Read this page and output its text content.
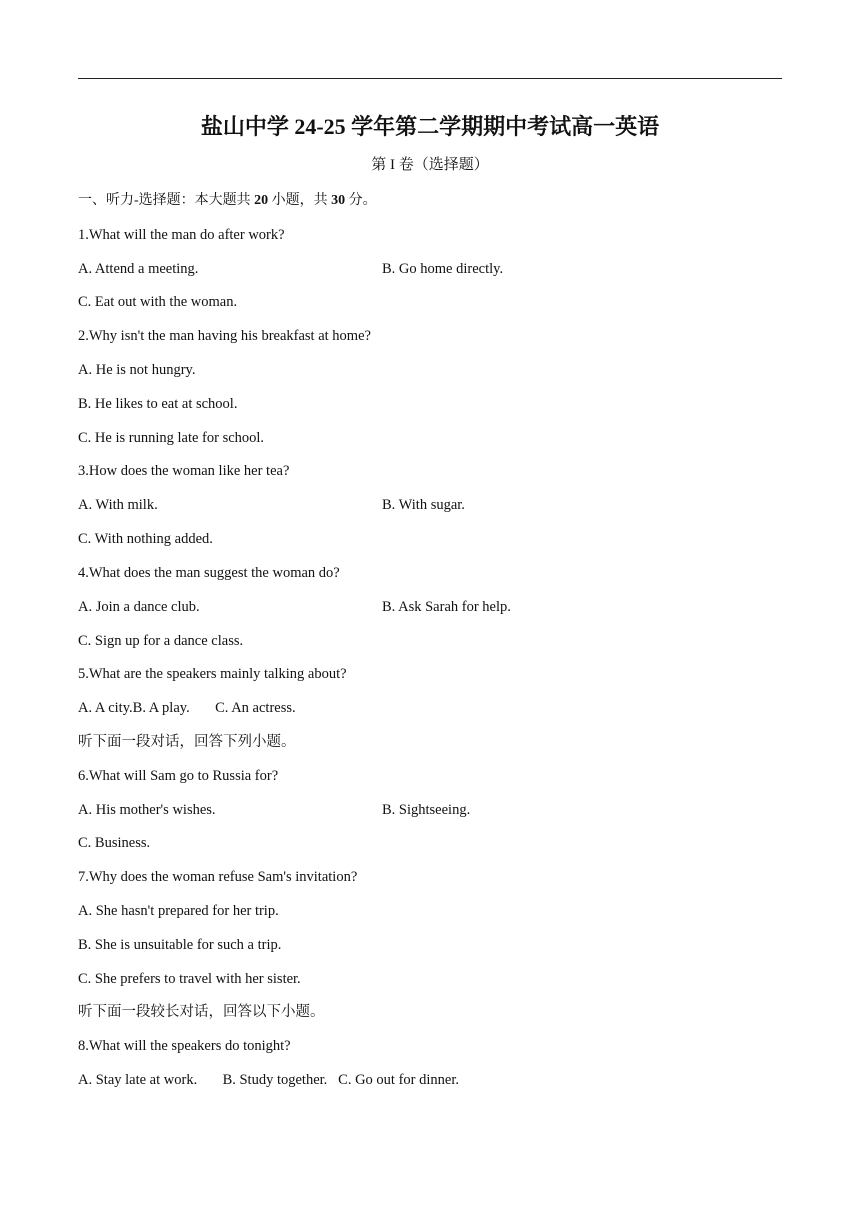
盐山中学 24-25 学年第二学期期中考试高一英语
第 I 卷（选择题）
一、听力-选择题：本大题共 20 小题，共 30 分。
1.What will the man do after work?
A. Attend a meeting.	B. Go home directly.
C. Eat out with the woman.
2.Why isn't the man having his breakfast at home?
A. He is not hungry.
B. He likes to eat at school.
C. He is running late for school.
3.How does the woman like her tea?
A. With milk.	B. With sugar.
C. With nothing added.
4.What does the man suggest the woman do?
A. Join a dance club.	B. Ask Sarah for help.
C. Sign up for a dance class.
5.What are the speakers mainly talking about?
A. A city.B. A play.       C. An actress.
听下面一段对话，回答下列小题。
6.What will Sam go to Russia for?
A. His mother's wishes.	B. Sightseeing.
C. Business.
7.Why does the woman refuse Sam's invitation?
A. She hasn't prepared for her trip.
B. She is unsuitable for such a trip.
C. She prefers to travel with her sister.
听下面一段较长对话，回答以下小题。
8.What will the speakers do tonight?
A. Stay late at work.       B. Study together.   C. Go out for dinner.
